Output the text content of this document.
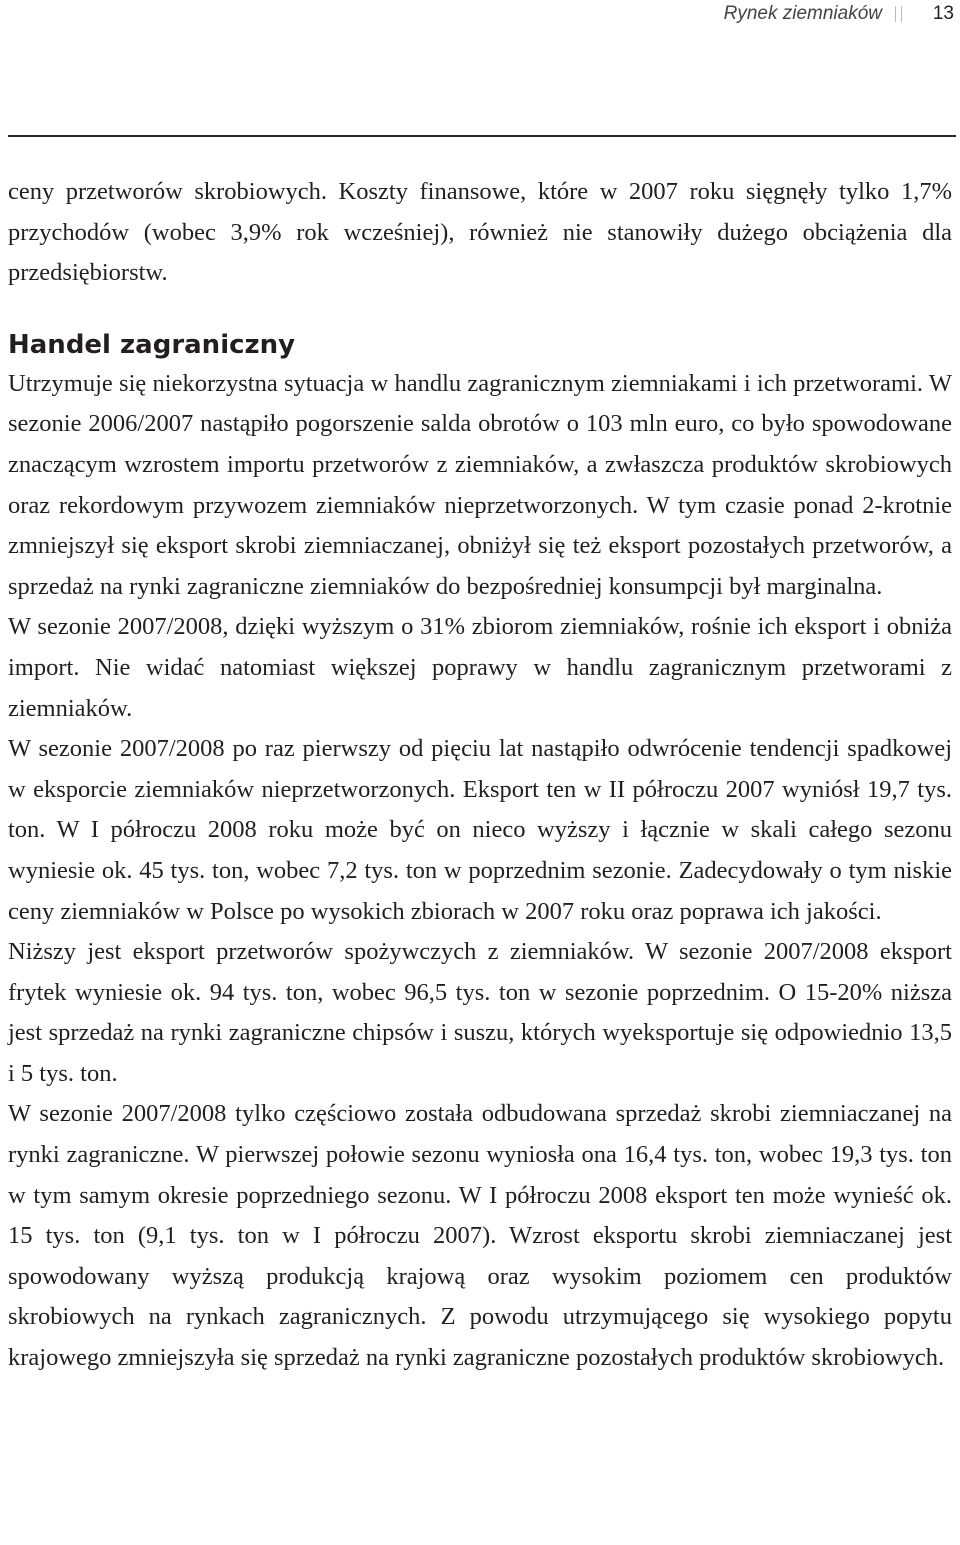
Rynek ziemniaków	13

ceny przetworów skrobiowych. Koszty finansowe, które w 2007 roku sięgnęły tylko 1,7% przychodów (wobec 3,9% rok wcześniej), również nie stanowiły dużego obciążenia dla przedsiębiorstw.

Handel zagraniczny

Utrzymuje się niekorzystna sytuacja w handlu zagranicznym ziemniakami i ich przetworami. W sezonie 2006/2007 nastąpiło pogorszenie salda obrotów o 103 mln euro, co było spowodowane znaczącym wzrostem importu przetworów z ziemniaków, a zwłaszcza produktów skrobiowych oraz rekordowym przywozem ziemniaków nieprzetworzonych. W tym czasie ponad 2-krotnie zmniejszył się eksport skrobi ziemniaczanej, obniżył się też eksport pozostałych przetworów, a sprzedaż na rynki zagraniczne ziemniaków do bezpośredniej konsumpcji był marginalna.

W sezonie 2007/2008, dzięki wyższym o 31% zbiorom ziemniaków, rośnie ich eksport i obniża import. Nie widać natomiast większej poprawy w handlu zagranicznym przetworami z ziemniaków.

W sezonie 2007/2008 po raz pierwszy od pięciu lat nastąpiło odwrócenie tendencji spadkowej w eksporcie ziemniaków nieprzetworzonych. Eksport ten w II półroczu 2007 wyniósł 19,7 tys. ton. W I półroczu 2008 roku może być on nieco wyższy i łącznie w skali całego sezonu wyniesie ok. 45 tys. ton, wobec 7,2 tys. ton w poprzednim sezonie. Zadecydowały o tym niskie ceny ziemniaków w Polsce po wysokich zbiorach w 2007 roku oraz poprawa ich jakości.

Niższy jest eksport przetworów spożywczych z ziemniaków. W sezonie 2007/2008 eksport frytek wyniesie ok. 94 tys. ton, wobec 96,5 tys. ton w sezonie poprzednim. O 15-20% niższa jest sprzedaż na rynki zagraniczne chipsów i suszu, których wyeksportuje się odpowiednio 13,5 i 5 tys. ton.

W sezonie 2007/2008 tylko częściowo została odbudowana sprzedaż skrobi ziemniaczanej na rynki zagraniczne. W pierwszej połowie sezonu wyniosła ona 16,4 tys. ton, wobec 19,3 tys. ton w tym samym okresie poprzedniego sezonu. W I półroczu 2008 eksport ten może wynieść ok. 15 tys. ton (9,1 tys. ton w I półroczu 2007). Wzrost eksportu skrobi ziemniaczanej jest spowodowany wyższą produkcją krajową oraz wysokim poziomem cen produktów skrobiowych na rynkach zagranicznych. Z powodu utrzymującego się wysokiego popytu krajowego zmniejszyła się sprzedaż na rynki zagraniczne pozostałych produktów skrobiowych.
